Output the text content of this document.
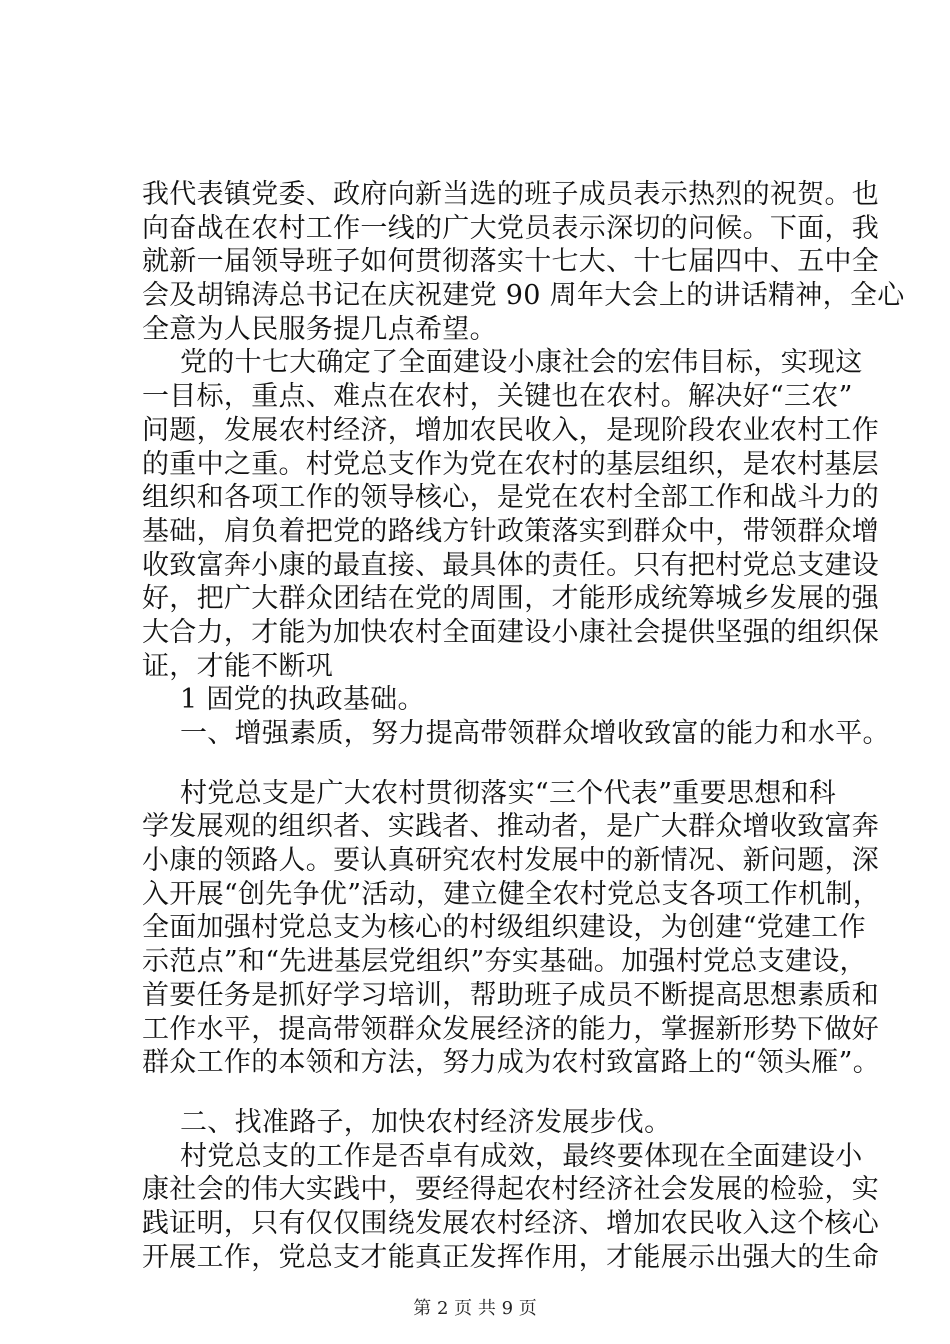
我代表镇党委、政府向新当选的班子成员表示热烈的祝贺。也
向奋战在农村工作一线的广大党员表示深切的问候。下面，我
就新一届领导班子如何贯彻落实十七大、十七届四中、五中全
会及胡锦涛总书记在庆祝建党 90 周年大会上的讲话精神，全心
全意为人民服务提几点希望。
党的十七大确定了全面建设小康社会的宏伟目标，实现这
一目标，重点、难点在农村，关键也在农村。解决好“三农”
问题，发展农村经济，增加农民收入，是现阶段农业农村工作
的重中之重。村党总支作为党在农村的基层组织，是农村基层
组织和各项工作的领导核心，是党在农村全部工作和战斗力的
基础，肩负着把党的路线方针政策落实到群众中，带领群众增
收致富奔小康的最直接、最具体的责任。只有把村党总支建设
好，把广大群众团结在党的周围，才能形成统筹城乡发展的强
大合力，才能为加快农村全面建设小康社会提供坚强的组织保
证，才能不断巩
1 固党的执政基础。
一、增强素质，努力提高带领群众增收致富的能力和水平。
村党总支是广大农村贯彻落实“三个代表”重要思想和科
学发展观的组织者、实践者、推动者，是广大群众增收致富奔
小康的领路人。要认真研究农村发展中的新情况、新问题，深
入开展“创先争优”活动，建立健全农村党总支各项工作机制，
全面加强村党总支为核心的村级组织建设，为创建“党建工作
示范点”和“先进基层党组织”夯实基础。加强村党总支建设，
首要任务是抓好学习培训，帮助班子成员不断提高思想素质和
工作水平，提高带领群众发展经济的能力，掌握新形势下做好
群众工作的本领和方法，努力成为农村致富路上的“领头雁”。
二、找准路子，加快农村经济发展步伐。
村党总支的工作是否卓有成效，最终要体现在全面建设小
康社会的伟大实践中，要经得起农村经济社会发展的检验，实
践证明，只有仅仅围绕发展农村经济、增加农民收入这个核心
开展工作，党总支才能真正发挥作用，才能展示出强大的生命
第 2 页 共 9 页
